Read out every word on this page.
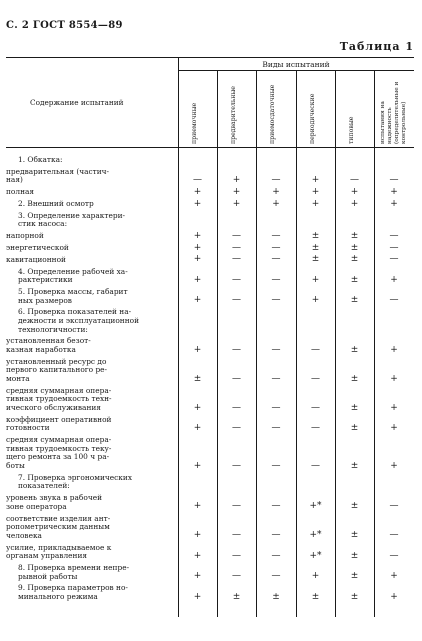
С. 2 ГОСТ 8554—89
Таблица 1
Виды испытаний
Содержание испытаний
приемочные	предварительные	приемосдаточные	периодические	типовые	испытания на надежность (определительные и контрольные)
1. Обкатка:
предварительная (частич-
ная)	—	+	—	+	—	—
полная	+	+	+	+	+	+
2. Внешний осмотр	+	+	+	+	+	+
3. Определение характери-
стик насоса:
напорной	+	—	—	±	±	—
энергетической	+	—	—	±	±	—
кавитационной	+	—	—	±	±	—
4. Определение рабочей ха-
рактеристики	+	—	—	+	±	+
5. Проверка массы, габарит
ных размеров	+	—	—	+	±	—
6. Проверка показателей на-
дежности и эксплуатационной
технологичности:
установленная безот-
казная наработка	+	—	—	—	±	+
установленный ресурс до
первого капитального ре-
монта	±	—	—	—	±	+
средняя суммарная опера-
тивная трудоемкость техн-
ического обслуживания	+	—	—	—	±	+
коэффициент оперативной
готовности	+	—	—	—	±	+
средняя суммарная опера-
тивная трудоемкость теку-
щего ремонта за 100 ч ра-
боты	+	—	—	—	±	+
7. Проверка эргономических
показателей:
уровень звука в рабочей
зоне оператора	+	—	—	+*	±	—
соответствие изделия ант-
ропометрическим данным
человека	+	—	—	+*	±	—
усилие, прикладываемое к
органам управления	+	—	—	+*	±	—
8. Проверка времени непре-
рывной работы	+	—	—	+	±	+
9. Проверка параметров но-
минального режима	+	±	±	±	±	+
